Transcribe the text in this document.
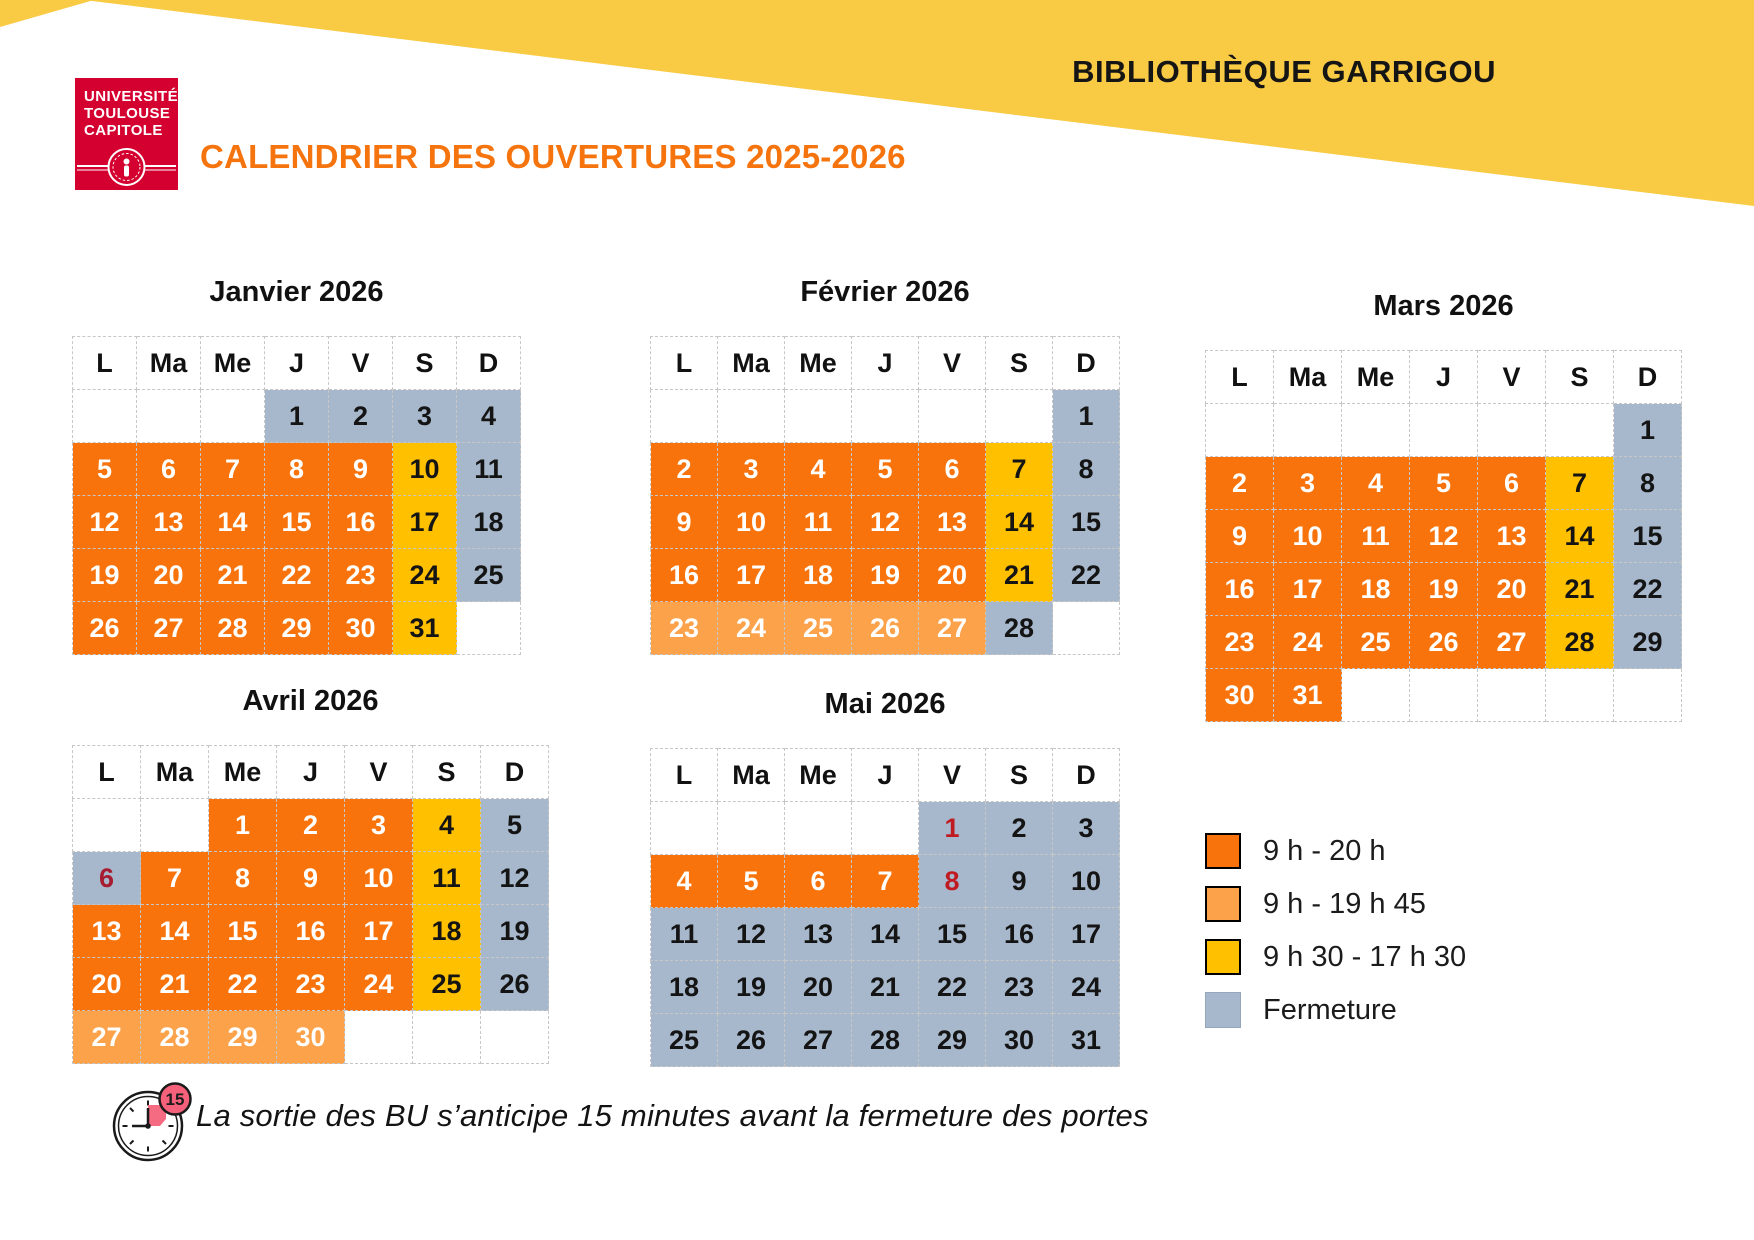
UNIVERSITÉ
TOULOUSE
CAPITOLE
BIBLIOTHÈQUE GARRIGOU
CALENDRIER DES OUVERTURES 2025-2026
Janvier 2026
L	Ma	Me	J	V	S	D
			1	2	3	4
5	6	7	8	9	10	11
12	13	14	15	16	17	18
19	20	21	22	23	24	25
26	27	28	29	30	31	
Février 2026
L	Ma	Me	J	V	S	D
						1
2	3	4	5	6	7	8
9	10	11	12	13	14	15
16	17	18	19	20	21	22
23	24	25	26	27	28	
Mars 2026
L	Ma	Me	J	V	S	D
						1
2	3	4	5	6	7	8
9	10	11	12	13	14	15
16	17	18	19	20	21	22
23	24	25	26	27	28	29
30	31					
Avril 2026
L	Ma	Me	J	V	S	D
		1	2	3	4	5
6	7	8	9	10	11	12
13	14	15	16	17	18	19
20	21	22	23	24	25	26
27	28	29	30			
Mai 2026
L	Ma	Me	J	V	S	D
				1	2	3
4	5	6	7	8	9	10
11	12	13	14	15	16	17
18	19	20	21	22	23	24
25	26	27	28	29	30	31
9 h - 20 h
9 h - 19 h 45
9 h 30 - 17 h 30
Fermeture
15 La sortie des BU s’anticipe 15 minutes avant la fermeture des portes
